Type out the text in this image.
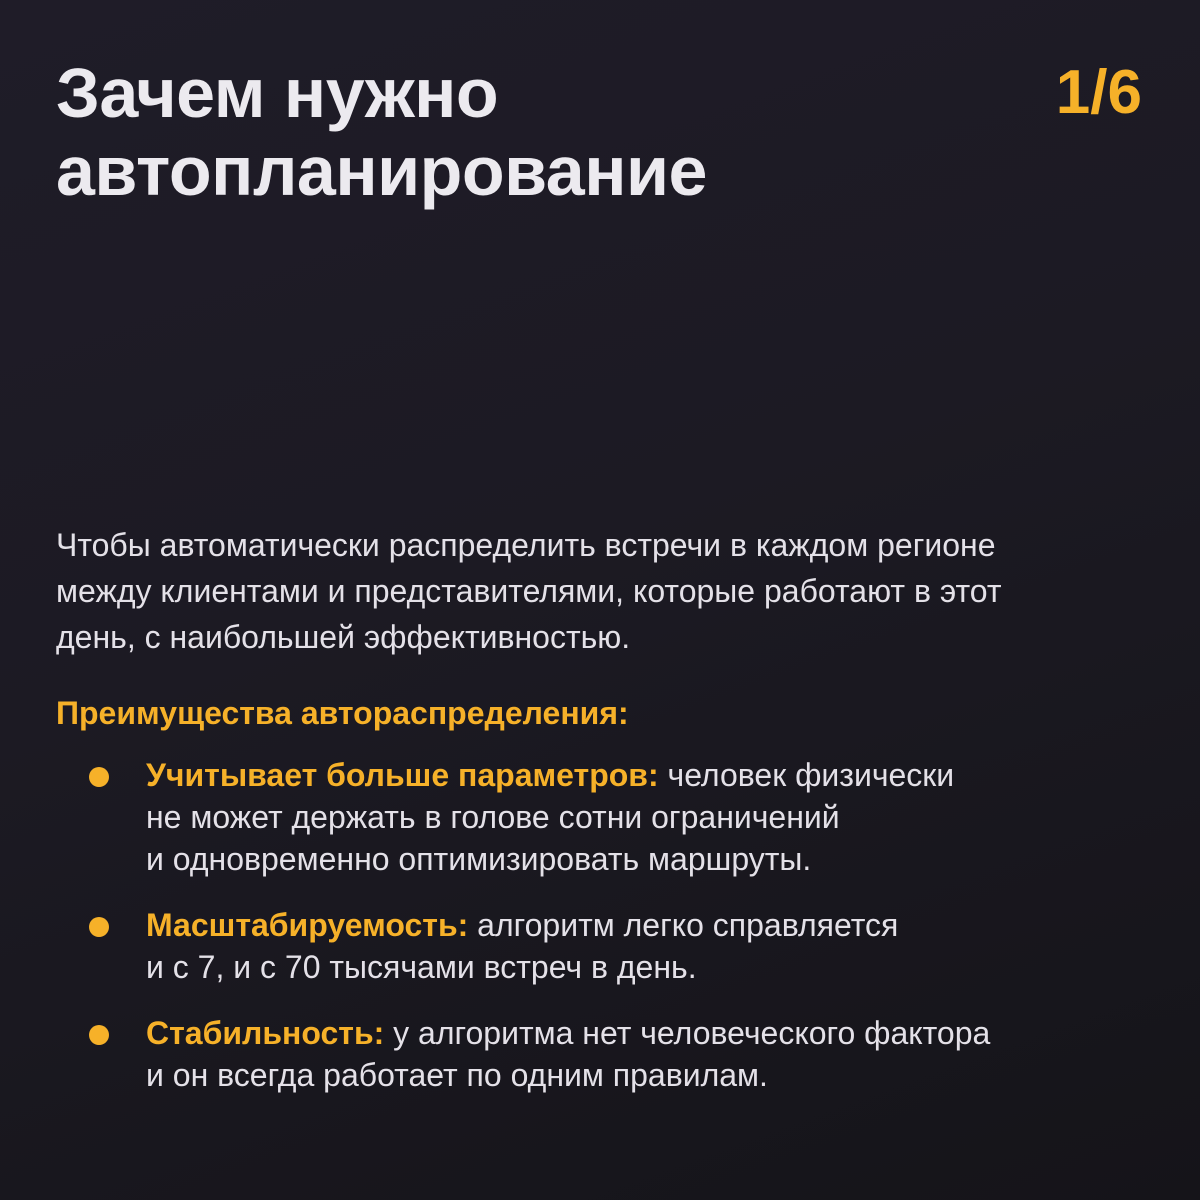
Зачем нужно
автопланирование
1/6

Чтобы автоматически распределить встречи в каждом регионе
между клиентами и представителями, которые работают в этот
день, с наибольшей эффективностью.

Преимущества автораспределения:
Учитывает больше параметров: человек физически
не может держать в голове сотни ограничений
и одновременно оптимизировать маршруты.
Масштабируемость: алгоритм легко справляется
и с 7, и с 70 тысячами встреч в день.
Стабильность: у алгоритма нет человеческого фактора
и он всегда работает по одним правилам.
